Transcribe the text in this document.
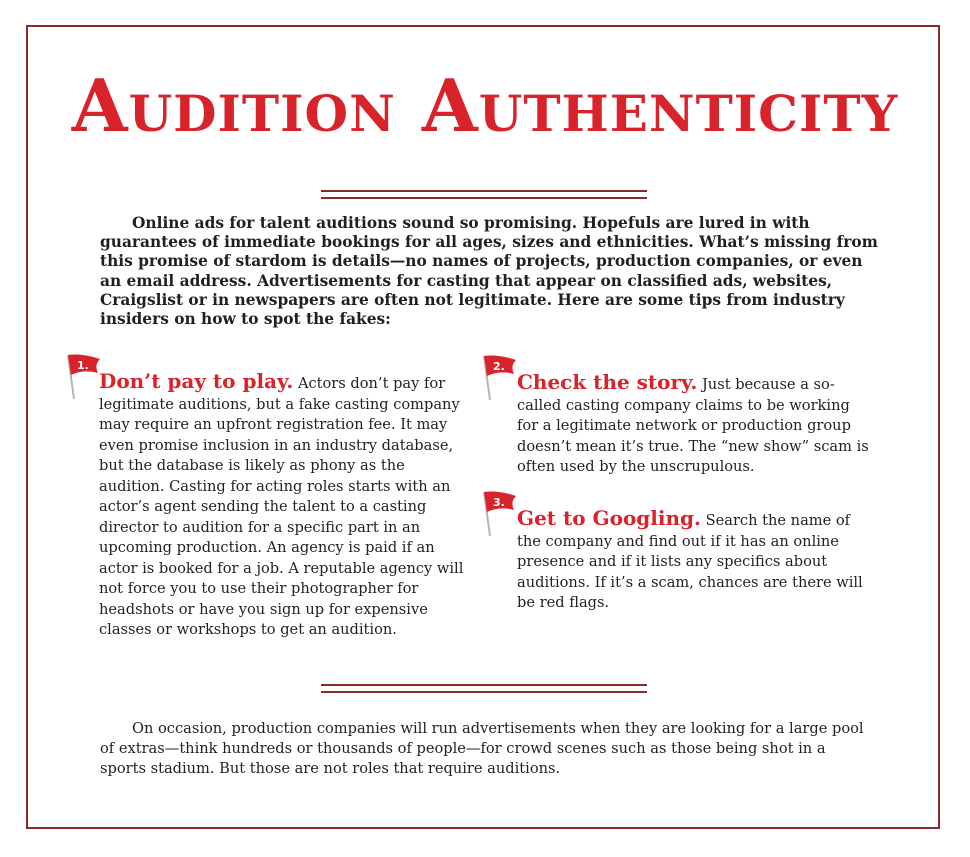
Audition Authenticity

Online ads for talent auditions sound so promising. Hopefuls are lured in with guarantees of immediate bookings for all ages, sizes and ethnicities. What’s missing from this promise of stardom is details—no names of projects, production companies, or even an email address. Advertisements for casting that appear on classified ads, websites, Craigslist or in newspapers are often not legitimate. Here are some tips from industry insiders on how to spot the fakes:

1.
Don’t pay to play. Actors don’t pay for legitimate auditions, but a fake casting company may require an upfront registration fee. It may even promise inclusion in an industry database, but the database is likely as phony as the audition. Casting for acting roles starts with an actor’s agent sending the talent to a casting director to audition for a specific part in an upcoming production. An agency is paid if an actor is booked for a job. A reputable agency will not force you to use their photographer for headshots or have you sign up for expensive classes or workshops to get an audition.
2.
Check the story. Just because a so-called casting company claims to be working for a legitimate network or production group doesn’t mean it’s true. The “new show” scam is often used by the unscrupulous.
3.
Get to Googling. Search the name of the company and find out if it has an online presence and if it lists any specifics about auditions. If it’s a scam, chances are there will be red flags.

On occasion, production companies will run advertisements when they are looking for a large pool of extras—think hundreds or thousands of people—for crowd scenes such as those being shot in a sports stadium. But those are not roles that require auditions.
